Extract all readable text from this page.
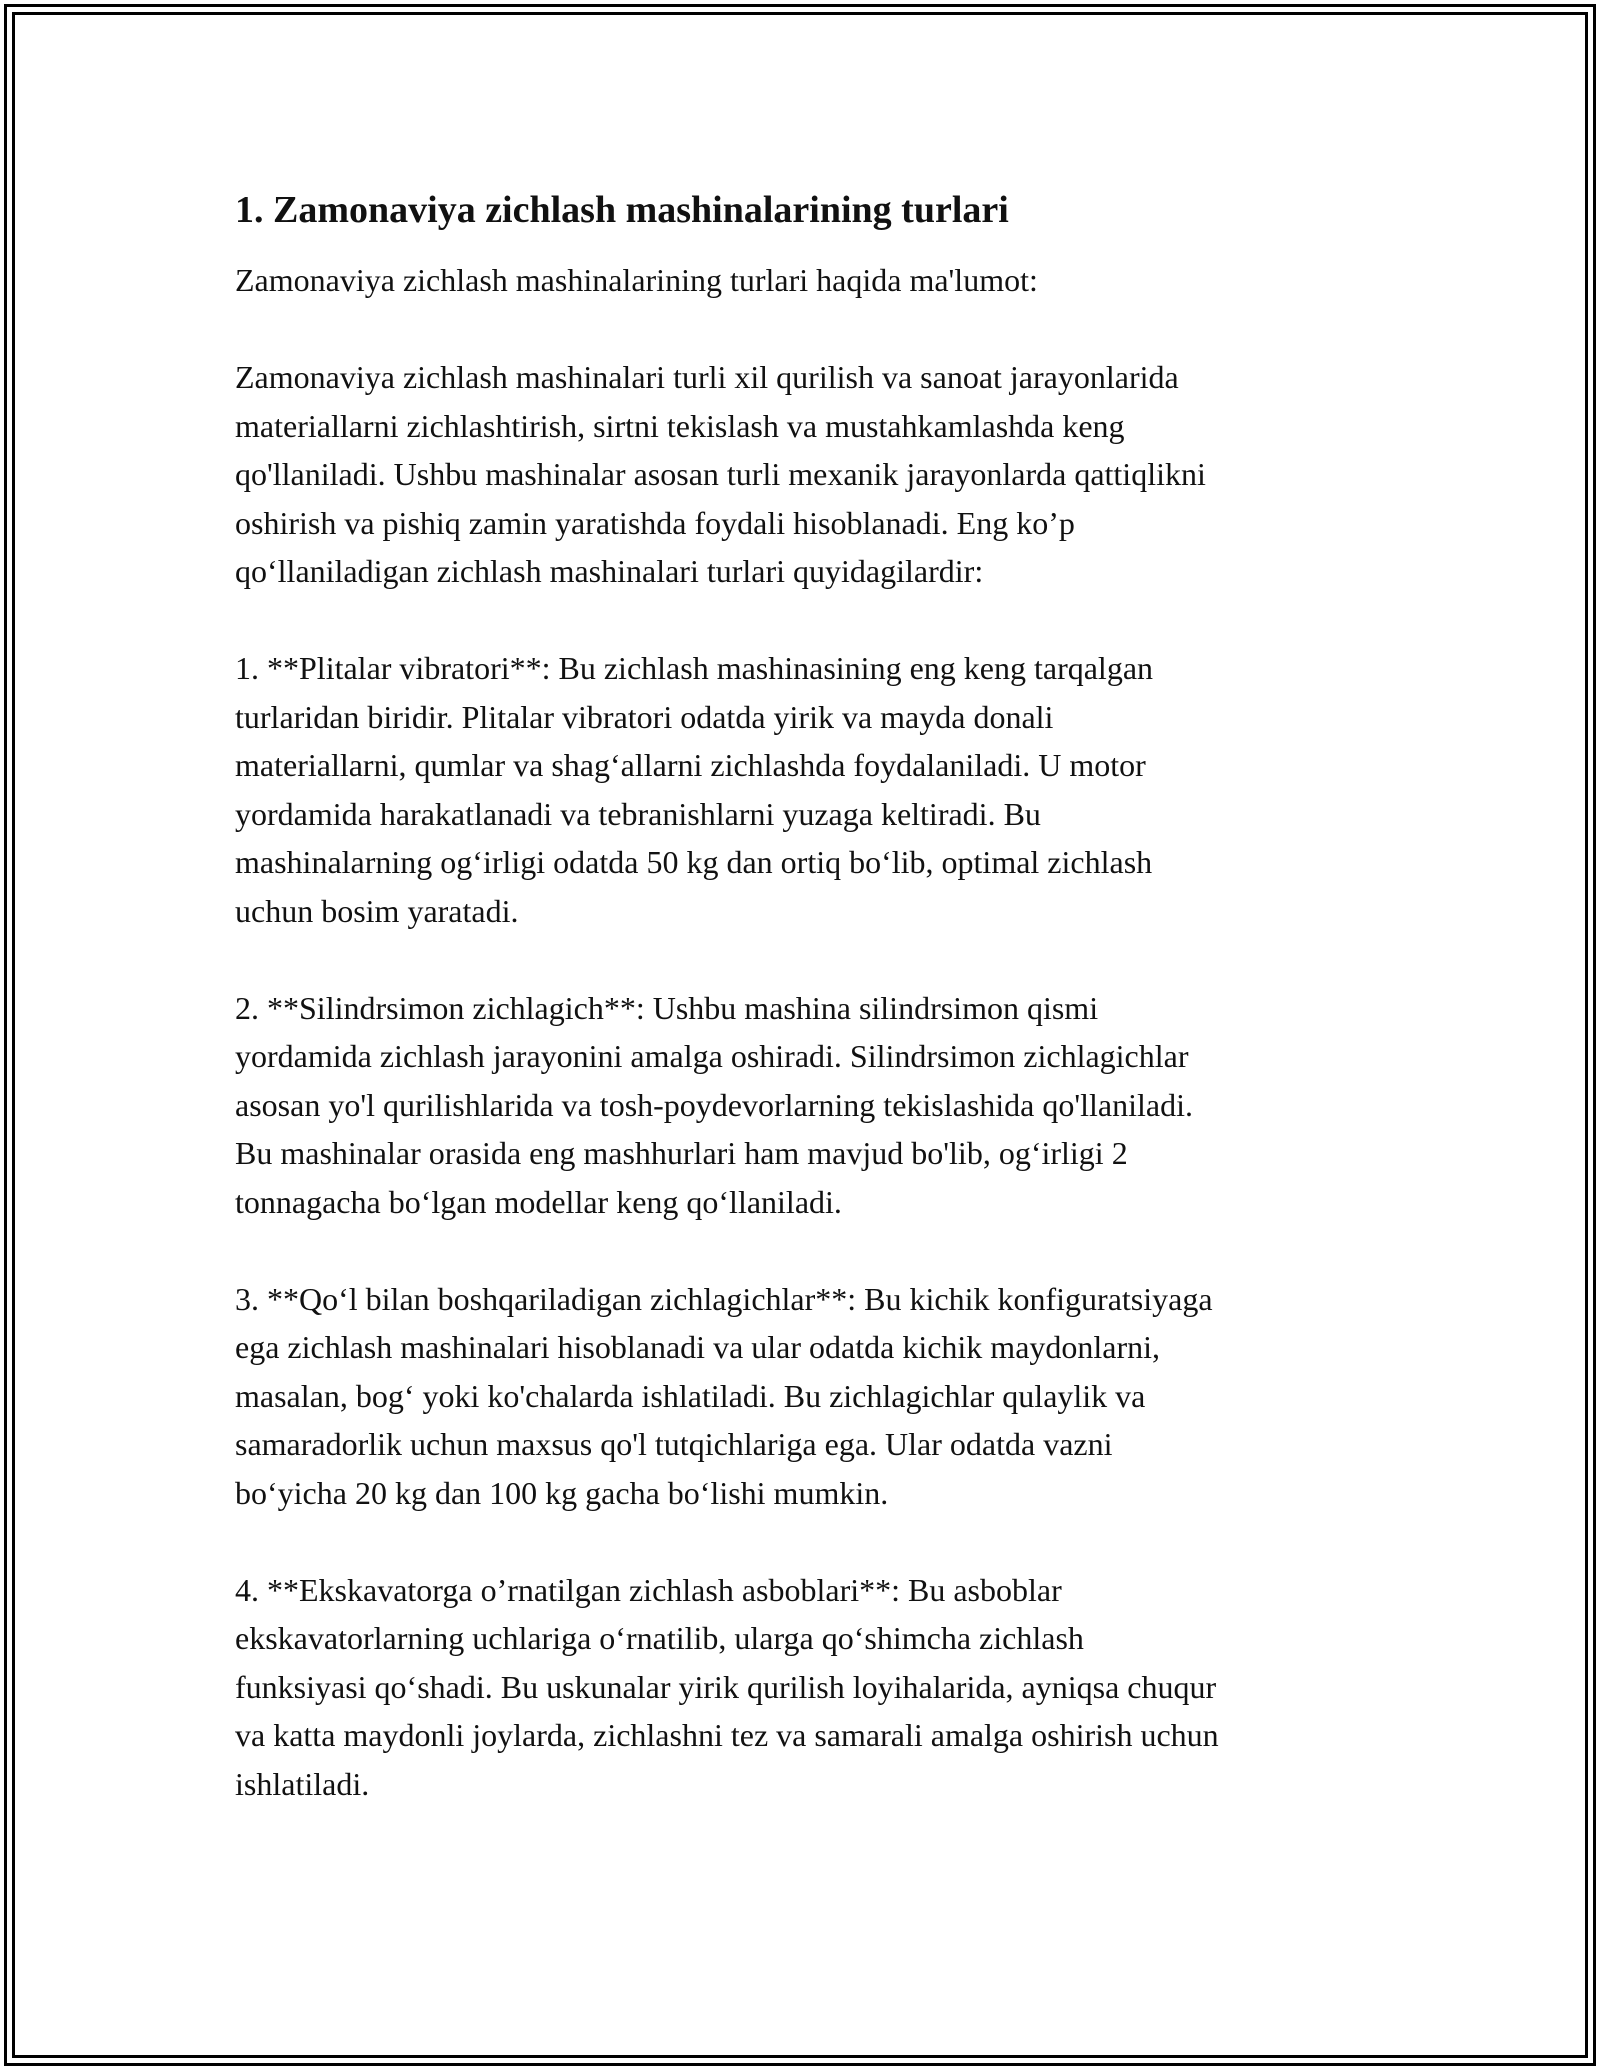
1. Zamonaviya zichlash mashinalarining turlari

Zamonaviya zichlash mashinalarining turlari haqida ma'lumot:

Zamonaviya zichlash mashinalari turli xil qurilish va sanoat jarayonlarida
materiallarni zichlashtirish, sirtni tekislash va mustahkamlashda keng
qo'llaniladi. Ushbu mashinalar asosan turli mexanik jarayonlarda qattiqlikni
oshirish va pishiq zamin yaratishda foydali hisoblanadi. Eng ko’p
qo‘llaniladigan zichlash mashinalari turlari quyidagilardir:

1. **Plitalar vibratori**: Bu zichlash mashinasining eng keng tarqalgan
turlaridan biridir. Plitalar vibratori odatda yirik va mayda donali
materiallarni, qumlar va shag‘allarni zichlashda foydalaniladi. U motor
yordamida harakatlanadi va tebranishlarni yuzaga keltiradi. Bu
mashinalarning og‘irligi odatda 50 kg dan ortiq bo‘lib, optimal zichlash
uchun bosim yaratadi.

2. **Silindrsimon zichlagich**: Ushbu mashina silindrsimon qismi
yordamida zichlash jarayonini amalga oshiradi. Silindrsimon zichlagichlar
asosan yo'l qurilishlarida va tosh-poydevorlarning tekislashida qo'llaniladi.
Bu mashinalar orasida eng mashhurlari ham mavjud bo'lib, og‘irligi 2
tonnagacha bo‘lgan modellar keng qo‘llaniladi.

3. **Qo‘l bilan boshqariladigan zichlagichlar**: Bu kichik konfiguratsiyaga
ega zichlash mashinalari hisoblanadi va ular odatda kichik maydonlarni,
masalan, bog‘ yoki ko'chalarda ishlatiladi. Bu zichlagichlar qulaylik va
samaradorlik uchun maxsus qo'l tutqichlariga ega. Ular odatda vazni
bo‘yicha 20 kg dan 100 kg gacha bo‘lishi mumkin.

4. **Ekskavatorga o’rnatilgan zichlash asboblari**: Bu asboblar
ekskavatorlarning uchlariga o‘rnatilib, ularga qo‘shimcha zichlash
funksiyasi qo‘shadi. Bu uskunalar yirik qurilish loyihalarida, ayniqsa chuqur
va katta maydonli joylarda, zichlashni tez va samarali amalga oshirish uchun
ishlatiladi.
